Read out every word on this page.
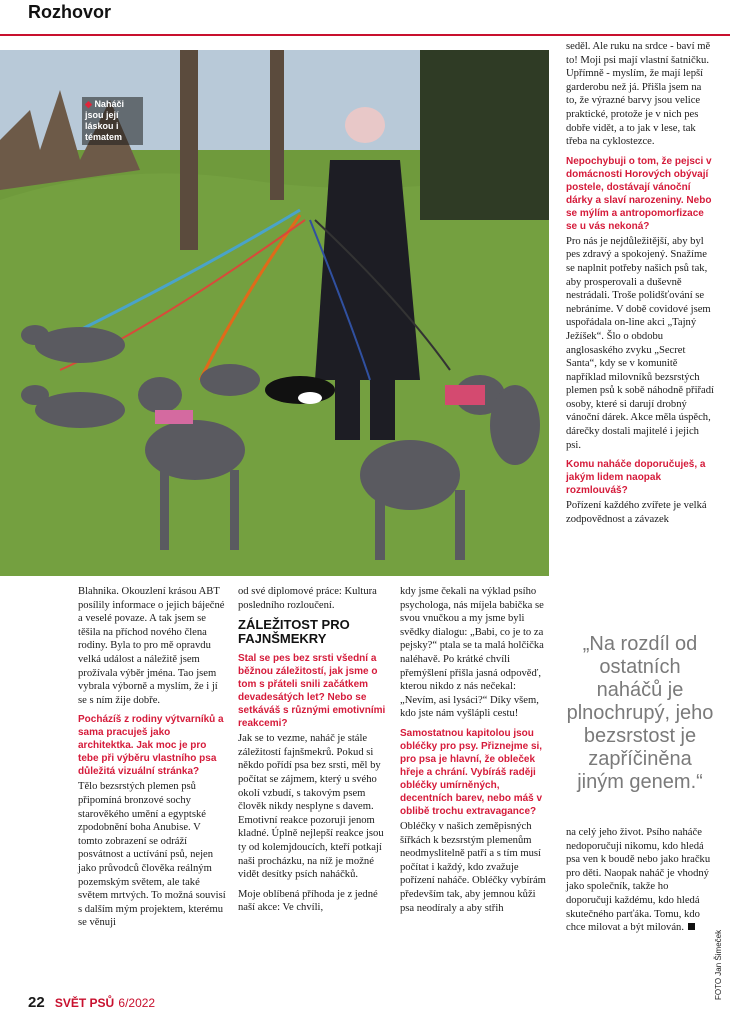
Rozhovor
◆ Naháči jsou její láskou i tématem

Blahnika. Okouzlení krásou ABT posílily informace o jejich báječné a veselé povaze. A tak jsem se těšila na příchod nového člena rodiny. Byla to pro mě opravdu velká událost a náležitě jsem prožívala výběr jména. Tao jsem vybrala výborně a myslím, že i jí se s ním žije dobře.

Pocházíš z rodiny výtvarníků a sama pracuješ jako architektka. Jak moc je pro tebe při výběru vlastního psa důležitá vizuální stránka?

Tělo bezsrstých plemen psů připomíná bronzové sochy starověkého umění a egyptské zpodobnění boha Anubise. V tomto zobrazení se odráží posvátnost a uctívání psů, nejen jako průvodců člověka reálným pozemským světem, ale také světem mrtvých. To možná souvisí s dalším mým projektem, kterému se věnuji

od své diplomové práce: Kultura posledního rozloučení.

ZÁLEŽITOST PRO FAJNŠMEKRY
Stal se pes bez srsti všední a běžnou záležitostí, jak jsme o tom s přáteli snili začátkem devadesátých let? Nebo se setkáváš s různými emotivními reakcemi?

Jak se to vezme, naháč je stále záležitostí fajnšmekrů. Pokud si někdo pořídí psa bez srsti, měl by počítat se zájmem, který u svého okolí vzbudí, s takovým psem člověk nikdy nesplyne s davem. Emotivní reakce pozoruji jenom kladné. Úplně nejlepší reakce jsou ty od kolemjdoucích, kteří potkají naši procházku, na níž je možné vidět desítky psích naháčků.

Moje oblíbená příhoda je z jedné naší akce: Ve chvíli,

kdy jsme čekali na výklad psího psychologa, nás míjela babička se svou vnučkou a my jsme byli svědky dialogu: „Babi, co je to za pejsky?“ ptala se ta malá holčička naléhavě. Po krátké chvíli přemýšlení přišla jasná odpověď, kterou nikdo z nás nečekal: „Nevím, asi lysáci?“ Díky všem, kdo jste nám vyšlápli cestu!

Samostatnou kapitolou jsou obléčky pro psy. Přiznejme si, pro psa je hlavní, že obleček hřeje a chrání. Vybíráš raději obléčky umírněných, decentních barev, nebo máš v oblibě trochu extravagance?

Obléčky v našich zeměpisných šířkách k bezsrstým plemenům neodmyslitelně patří a s tím musí počítat i každý, kdo zvažuje pořízení naháče. Obléčky vybírám především tak, aby jemnou kůži psa neodíraly a aby střih

seděl. Ale ruku na srdce - baví mě to! Moji psi mají vlastní šatničku. Upřímně - myslím, že mají lepší garderobu než já. Přišla jsem na to, že výrazné barvy jsou velice praktické, protože je v nich pes dobře vidět, a to jak v lese, tak třeba na cyklostezce.

Nepochybuji o tom, že pejsci v domácnosti Horových obývají postele, dostávají vánoční dárky a slaví narozeniny. Nebo se mýlím a antropomorfizace se u vás nekoná?

Pro nás je nejdůležitější, aby byl pes zdravý a spokojený. Snažíme se naplnit potřeby našich psů tak, aby prosperovali a duševně nestrádali. Troše polidšťování se nebráníme. V době covidové jsem uspořádala on-line akci „Tajný Ježíšek“. Šlo o obdobu anglosaského zvyku „Secret Santa“, kdy se v komunitě například milovníků bezsrstých plemen psů k sobě náhodně přiřadí osoby, které si darují drobný vánoční dárek. Akce měla úspěch, dárečky dostali majitelé i jejich psi.

Komu naháče doporučuješ, a jakým lidem naopak rozmlouváš?

Pořízení každého zvířete je velká zodpovědnost a závazek

„Na rozdíl od ostatních naháčů je plnochrupý, jeho bezsrstost je zapříčiněna jiným genem.“

na celý jeho život. Psího naháče nedoporučuji nikomu, kdo hledá psa ven k boudě nebo jako hračku pro děti. Naopak naháč je vhodný jako společník, takže ho doporučuji každému, kdo hledá skutečného parťáka. Tomu, kdo chce milovat a být milován.

22 SVĚT PSŮ 6/2022
FOTO Jan Šimeček
